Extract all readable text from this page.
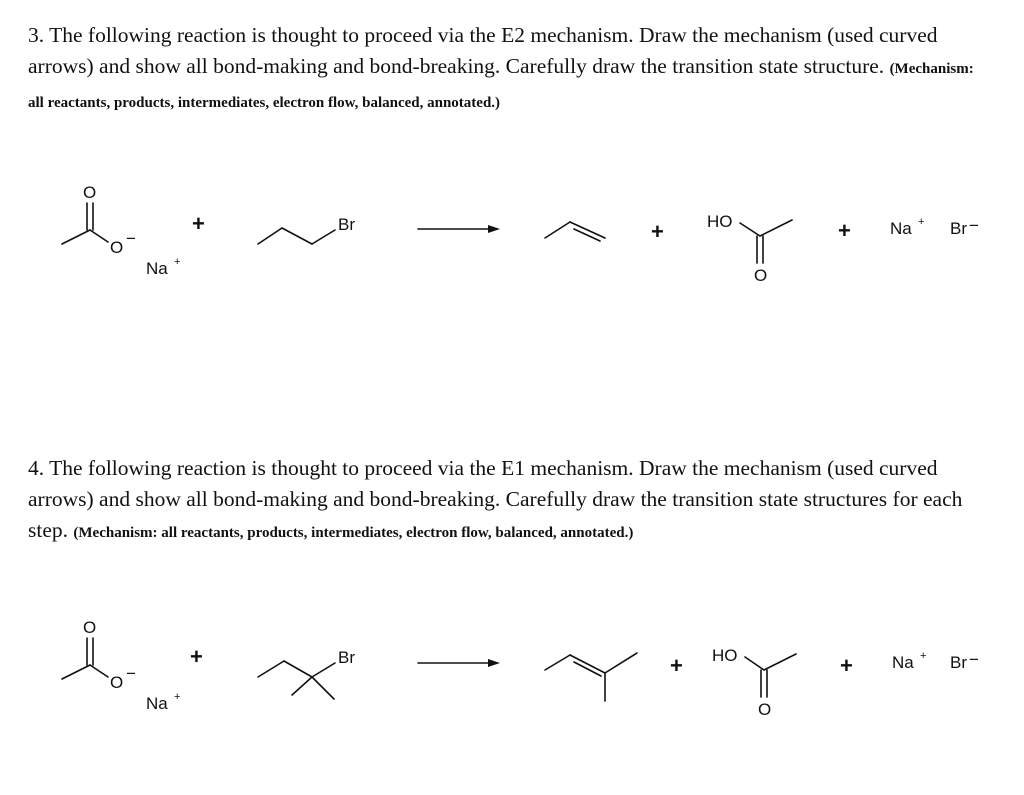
3. The following reaction is thought to proceed via the E2 mechanism. Draw the mechanism (used curved arrows) and show all bond-making and bond-breaking. Carefully draw the transition state structure. (Mechanism: all reactants, products, intermediates, electron flow, balanced, annotated.)
O
O −
Na +
+	Br	+	HO
O
+ Na + Br −
4. The following reaction is thought to proceed via the E1 mechanism. Draw the mechanism (used curved arrows) and show all bond-making and bond-breaking. Carefully draw the transition state structures for each step. (Mechanism: all reactants, products, intermediates, electron flow, balanced, annotated.)
O
O −
Na +
+	Br	+ HO
O
+ Na + Br −
